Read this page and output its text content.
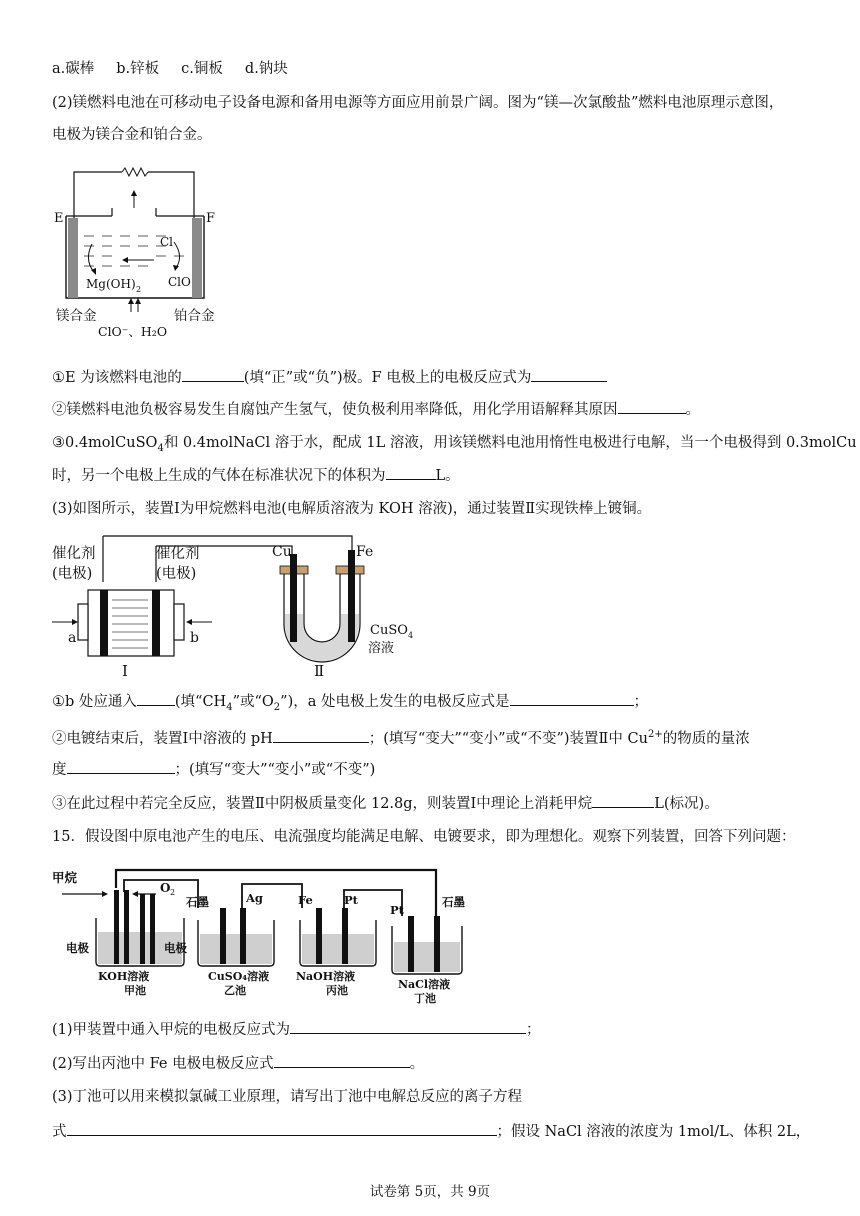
a.碳棒 b.锌板 c.铜板 d.钠块
(2)镁燃料电池在可移动电子设备电源和备用电源等方面应用前景广阔。图为“镁—次氯酸盐”燃料电池原理示意图，
电极为镁合金和铂合金。
E	F
Cl
ClO
Mg(OH) 2
镁合金	铂合金
ClO⁻、H₂O
①E 为该燃料电池的	(填“正”或“负”)极。F 电极上的电极反应式为
②镁燃料电池负极容易发生自腐蚀产生氢气，使负极利用率降低，用化学用语解释其原因	。
③0.4molCuSO$_4$和 0.4molNaCl 溶于水，配成 1L 溶液，用该镁燃料电池用惰性电极进行电解，当一个电极得到 0.3molCu
时，另一个电极上生成的气体在标准状况下的体积为	L。
(3)如图所示，装置Ⅰ为甲烷燃料电池(电解质溶液为 KOH 溶液)，通过装置Ⅱ实现铁棒上镀铜。
催化剂
(电极)
催化剂
(电极)
a	b
Ⅰ
Cu	Fe
CuSO 4
溶液
Ⅱ
①b 处应通入	(填“$CH_4$”或“$O_2$”)，a 处电极上发生的电极反应式是	；
②电镀结束后，装置Ⅰ中溶液的 pH	；(填写“变大”“变小”或“不变”)装置Ⅱ中 $Cu^{2+}$的物质的量浓
度	；(填写“变大”“变小”或“不变”)
③在此过程中若完全反应，装置Ⅱ中阴极质量变化 12.8g，则装置Ⅰ中理论上消耗甲烷	L(标况)。
15．假设图中原电池产生的电压、电流强度均能满足电解、电镀要求，即为理想化。观察下列装置，回答下列问题：
甲烷
O 2
石墨	Ag	Fe	Pt
Pt
石墨
电极	电极
KOH溶液	CuSO₄溶液 NaOH溶液
NaCl溶液
甲池	乙池	丙池
丁池
(1)甲装置中通入甲烷的电极反应式为	；
(2)写出丙池中 Fe 电极电极反应式	。
(3)丁池可以用来模拟氯碱工业原理，请写出丁池中电解总反应的离子方程
式	；假设 NaCl 溶液的浓度为 1mol/L、体积 2L，
试卷第 5页，共 9页
